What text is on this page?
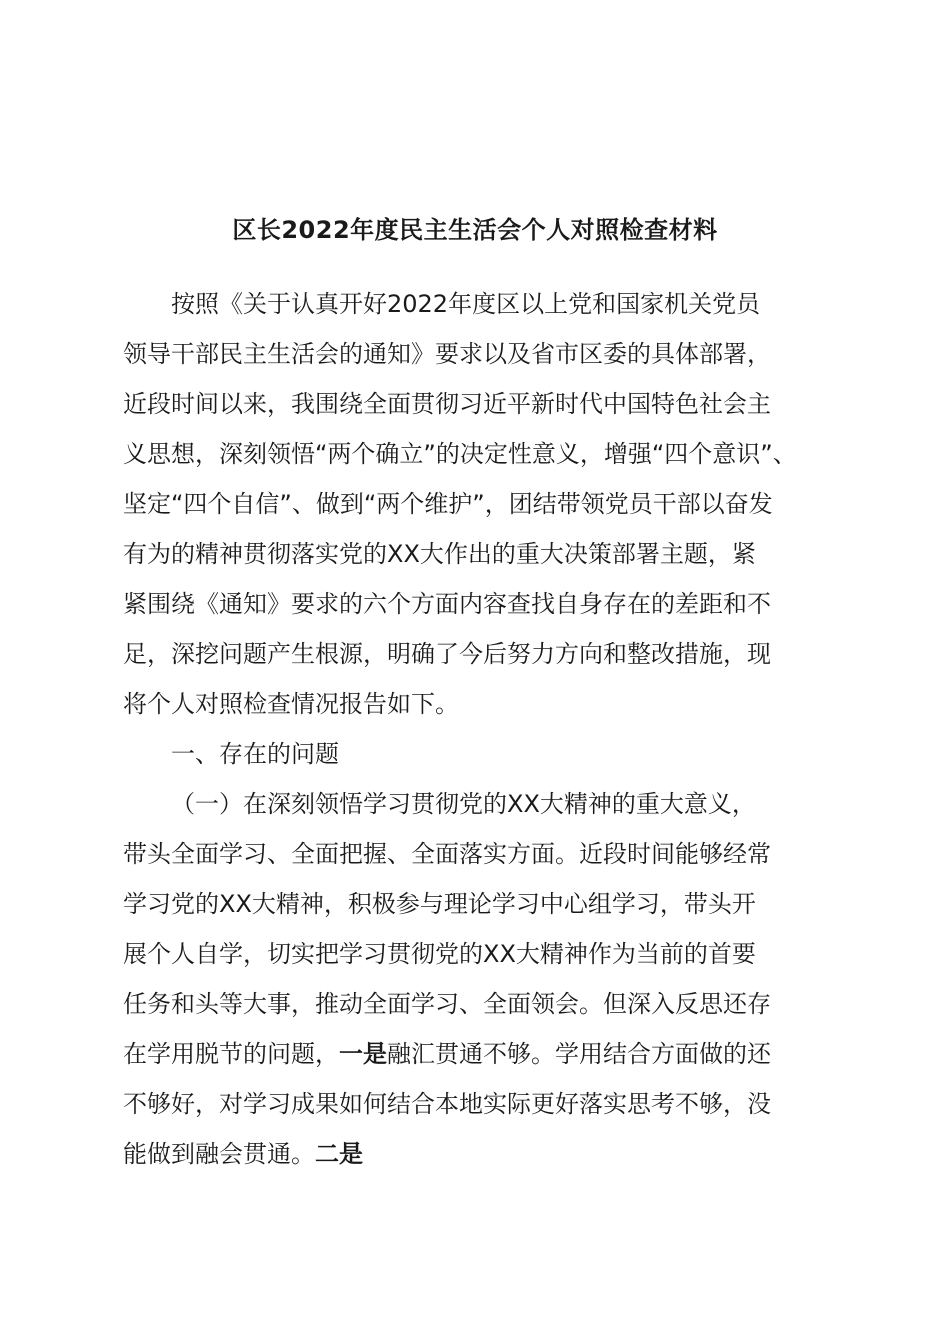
区长2022年度民主生活会个人对照检查材料
按照《关于认真开好2022年度区以上党和国家机关党员
领导干部民主生活会的通知》要求以及省市区委的具体部署，
近段时间以来，我围绕全面贯彻习近平新时代中国特色社会主
义思想，深刻领悟“两个确立”的决定性意义，增强“四个意识”、
坚定“四个自信”、做到“两个维护”，团结带领党员干部以奋发
有为的精神贯彻落实党的XX大作出的重大决策部署主题，紧
紧围绕《通知》要求的六个方面内容查找自身存在的差距和不
足，深挖问题产生根源，明确了今后努力方向和整改措施，现
将个人对照检查情况报告如下。
一、存在的问题
（一）在深刻领悟学习贯彻党的XX大精神的重大意义，
带头全面学习、全面把握、全面落实方面。近段时间能够经常
学习党的XX大精神，积极参与理论学习中心组学习，带头开
展个人自学，切实把学习贯彻党的XX大精神作为当前的首要
任务和头等大事，推动全面学习、全面领会。但深入反思还存
在学用脱节的问题，一是融汇贯通不够。学用结合方面做的还
不够好，对学习成果如何结合本地实际更好落实思考不够，没
能做到融会贯通。二是
